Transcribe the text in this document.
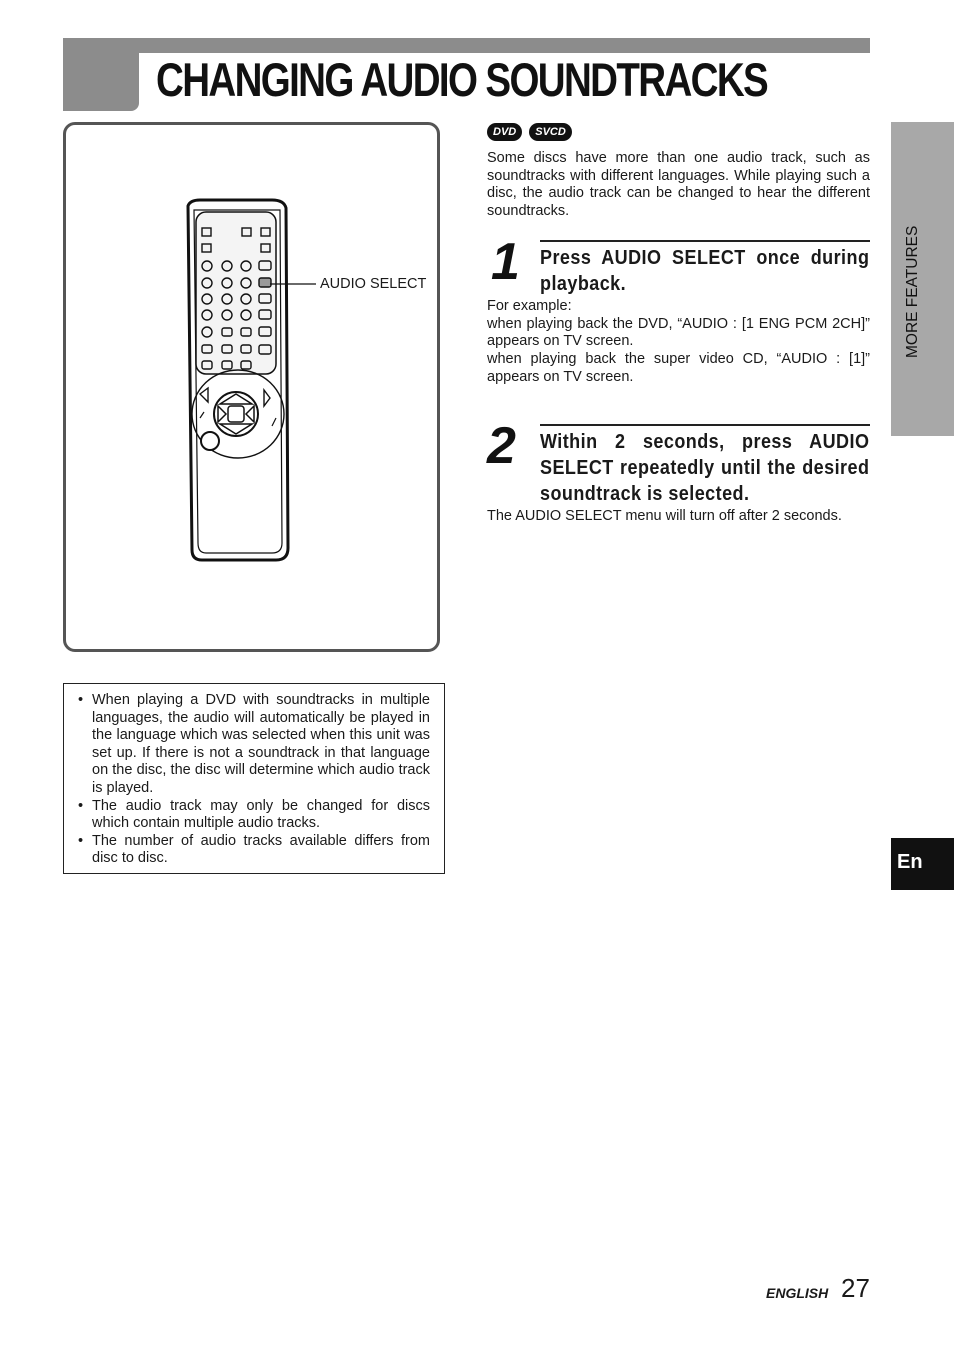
CHANGING AUDIO SOUNDTRACKS
AUDIO SELECT
• When playing a DVD with soundtracks in multiple languages, the audio will automatically be played in the language which was selected when this unit was set up. If there is not a soundtrack in that language on the disc, the disc will determine which audio track is played.
• The audio track may only be changed for discs which contain multiple audio tracks.
• The number of audio tracks available differs from disc to disc.
DVD	SVCD
Some discs have more than one audio track, such as soundtracks with different languages. While playing such a disc, the audio track can be changed to hear the different soundtracks.
1 Press AUDIO SELECT once during playback.
For example:
when playing back the DVD, “AUDIO : [1 ENG PCM 2CH]” appears on TV screen.
when playing back the super video CD, “AUDIO : [1]” appears on TV screen.
2 Within 2 seconds, press AUDIO SELECT repeatedly until the desired soundtrack is selected.
The AUDIO SELECT menu will turn off after 2 seconds.
MORE FEATURES
En
ENGLISH 27
